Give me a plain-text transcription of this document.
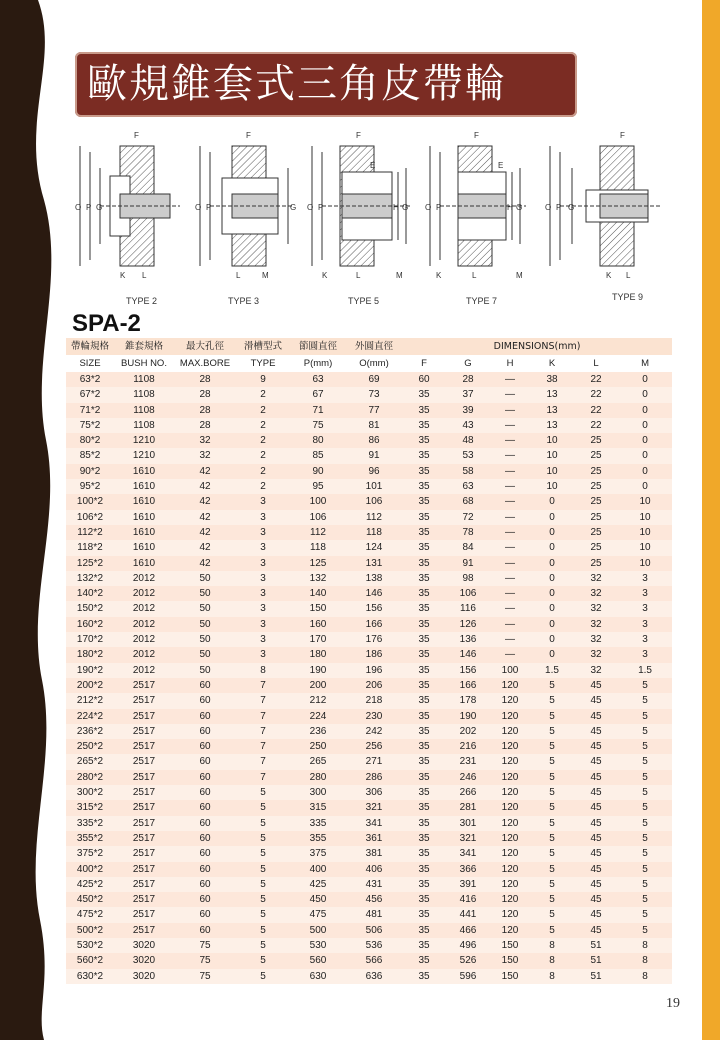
歐規錐套式三角皮帶輪
O P G
F
K L
TYPE 2
O P	G
F
L	M
TYPE 3
O P	H G
F
E
K	L	M
TYPE 5
O P	H G
F
E
K	L	M
TYPE 7
O P G
F
K L
TYPE 9
SPA-2
帶輪規格	錐套規格	最大孔徑	滑槽型式	節圓直徑	外圓直徑	DIMENSIONS(mm)					
SIZE	BUSH NO.	MAX.BORE	TYPE	P(mm)	O(mm)	F	G	H	K	L	M
63*2	1108	28	9	63	69	60	28	—	38	22	0
67*2	1108	28	2	67	73	35	37	—	13	22	0
71*2	1108	28	2	71	77	35	39	—	13	22	0
75*2	1108	28	2	75	81	35	43	—	13	22	0
80*2	1210	32	2	80	86	35	48	—	10	25	0
85*2	1210	32	2	85	91	35	53	—	10	25	0
90*2	1610	42	2	90	96	35	58	—	10	25	0
95*2	1610	42	2	95	101	35	63	—	10	25	0
100*2	1610	42	3	100	106	35	68	—	0	25	10
106*2	1610	42	3	106	112	35	72	—	0	25	10
112*2	1610	42	3	112	118	35	78	—	0	25	10
118*2	1610	42	3	118	124	35	84	—	0	25	10
125*2	1610	42	3	125	131	35	91	—	0	25	10
132*2	2012	50	3	132	138	35	98	—	0	32	3
140*2	2012	50	3	140	146	35	106	—	0	32	3
150*2	2012	50	3	150	156	35	116	—	0	32	3
160*2	2012	50	3	160	166	35	126	—	0	32	3
170*2	2012	50	3	170	176	35	136	—	0	32	3
180*2	2012	50	3	180	186	35	146	—	0	32	3
190*2	2012	50	8	190	196	35	156	100	1.5	32	1.5
200*2	2517	60	7	200	206	35	166	120	5	45	5
212*2	2517	60	7	212	218	35	178	120	5	45	5
224*2	2517	60	7	224	230	35	190	120	5	45	5
236*2	2517	60	7	236	242	35	202	120	5	45	5
250*2	2517	60	7	250	256	35	216	120	5	45	5
265*2	2517	60	7	265	271	35	231	120	5	45	5
280*2	2517	60	7	280	286	35	246	120	5	45	5
300*2	2517	60	5	300	306	35	266	120	5	45	5
315*2	2517	60	5	315	321	35	281	120	5	45	5
335*2	2517	60	5	335	341	35	301	120	5	45	5
355*2	2517	60	5	355	361	35	321	120	5	45	5
375*2	2517	60	5	375	381	35	341	120	5	45	5
400*2	2517	60	5	400	406	35	366	120	5	45	5
425*2	2517	60	5	425	431	35	391	120	5	45	5
450*2	2517	60	5	450	456	35	416	120	5	45	5
475*2	2517	60	5	475	481	35	441	120	5	45	5
500*2	2517	60	5	500	506	35	466	120	5	45	5
530*2	3020	75	5	530	536	35	496	150	8	51	8
560*2	3020	75	5	560	566	35	526	150	8	51	8
630*2	3020	75	5	630	636	35	596	150	8	51	8
19
